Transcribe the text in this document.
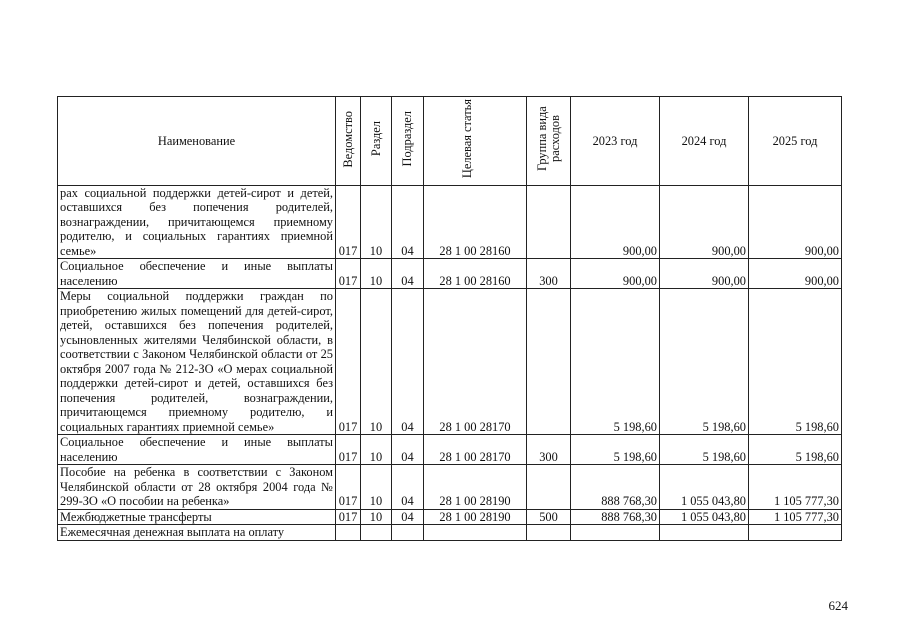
Наименование	Ведомство	Раздел	Подраздел	Целевая статья	Группа вида расходов	2023 год	2024 год	2025 год
рах социальной поддержки детей-сирот и детей, оставшихся без попечения родителей, вознаграждении, причитающемся приемному родителю, и социальных гарантиях приемной семье»	017	10	04	28 1 00 28160		900,00	900,00	900,00
Социальное обеспечение и иные выплаты населению	017	10	04	28 1 00 28160	300	900,00	900,00	900,00
Меры социальной поддержки граждан по приобретению жилых помещений для детей-сирот, детей, оставшихся без попечения родителей, усыновленных жителями Челябинской области, в соответствии с Законом Челябинской области от 25 октября 2007 года № 212-ЗО «О мерах социальной поддержки детей-сирот и детей, оставшихся без попечения родителей, вознаграждении, причитающемся приемному родителю, и социальных гарантиях приемной семье»	017	10	04	28 1 00 28170		5 198,60	5 198,60	5 198,60
Социальное обеспечение и иные выплаты населению	017	10	04	28 1 00 28170	300	5 198,60	5 198,60	5 198,60
Пособие на ребенка в соответствии с Законом Челябинской области от 28 октября 2004 года № 299-ЗО «О пособии на ребенка»	017	10	04	28 1 00 28190		888 768,30	1 055 043,80	1 105 777,30
Межбюджетные трансферты	017	10	04	28 1 00 28190	500	888 768,30	1 055 043,80	1 105 777,30
Ежемесячная денежная выплата на оплату								
624
